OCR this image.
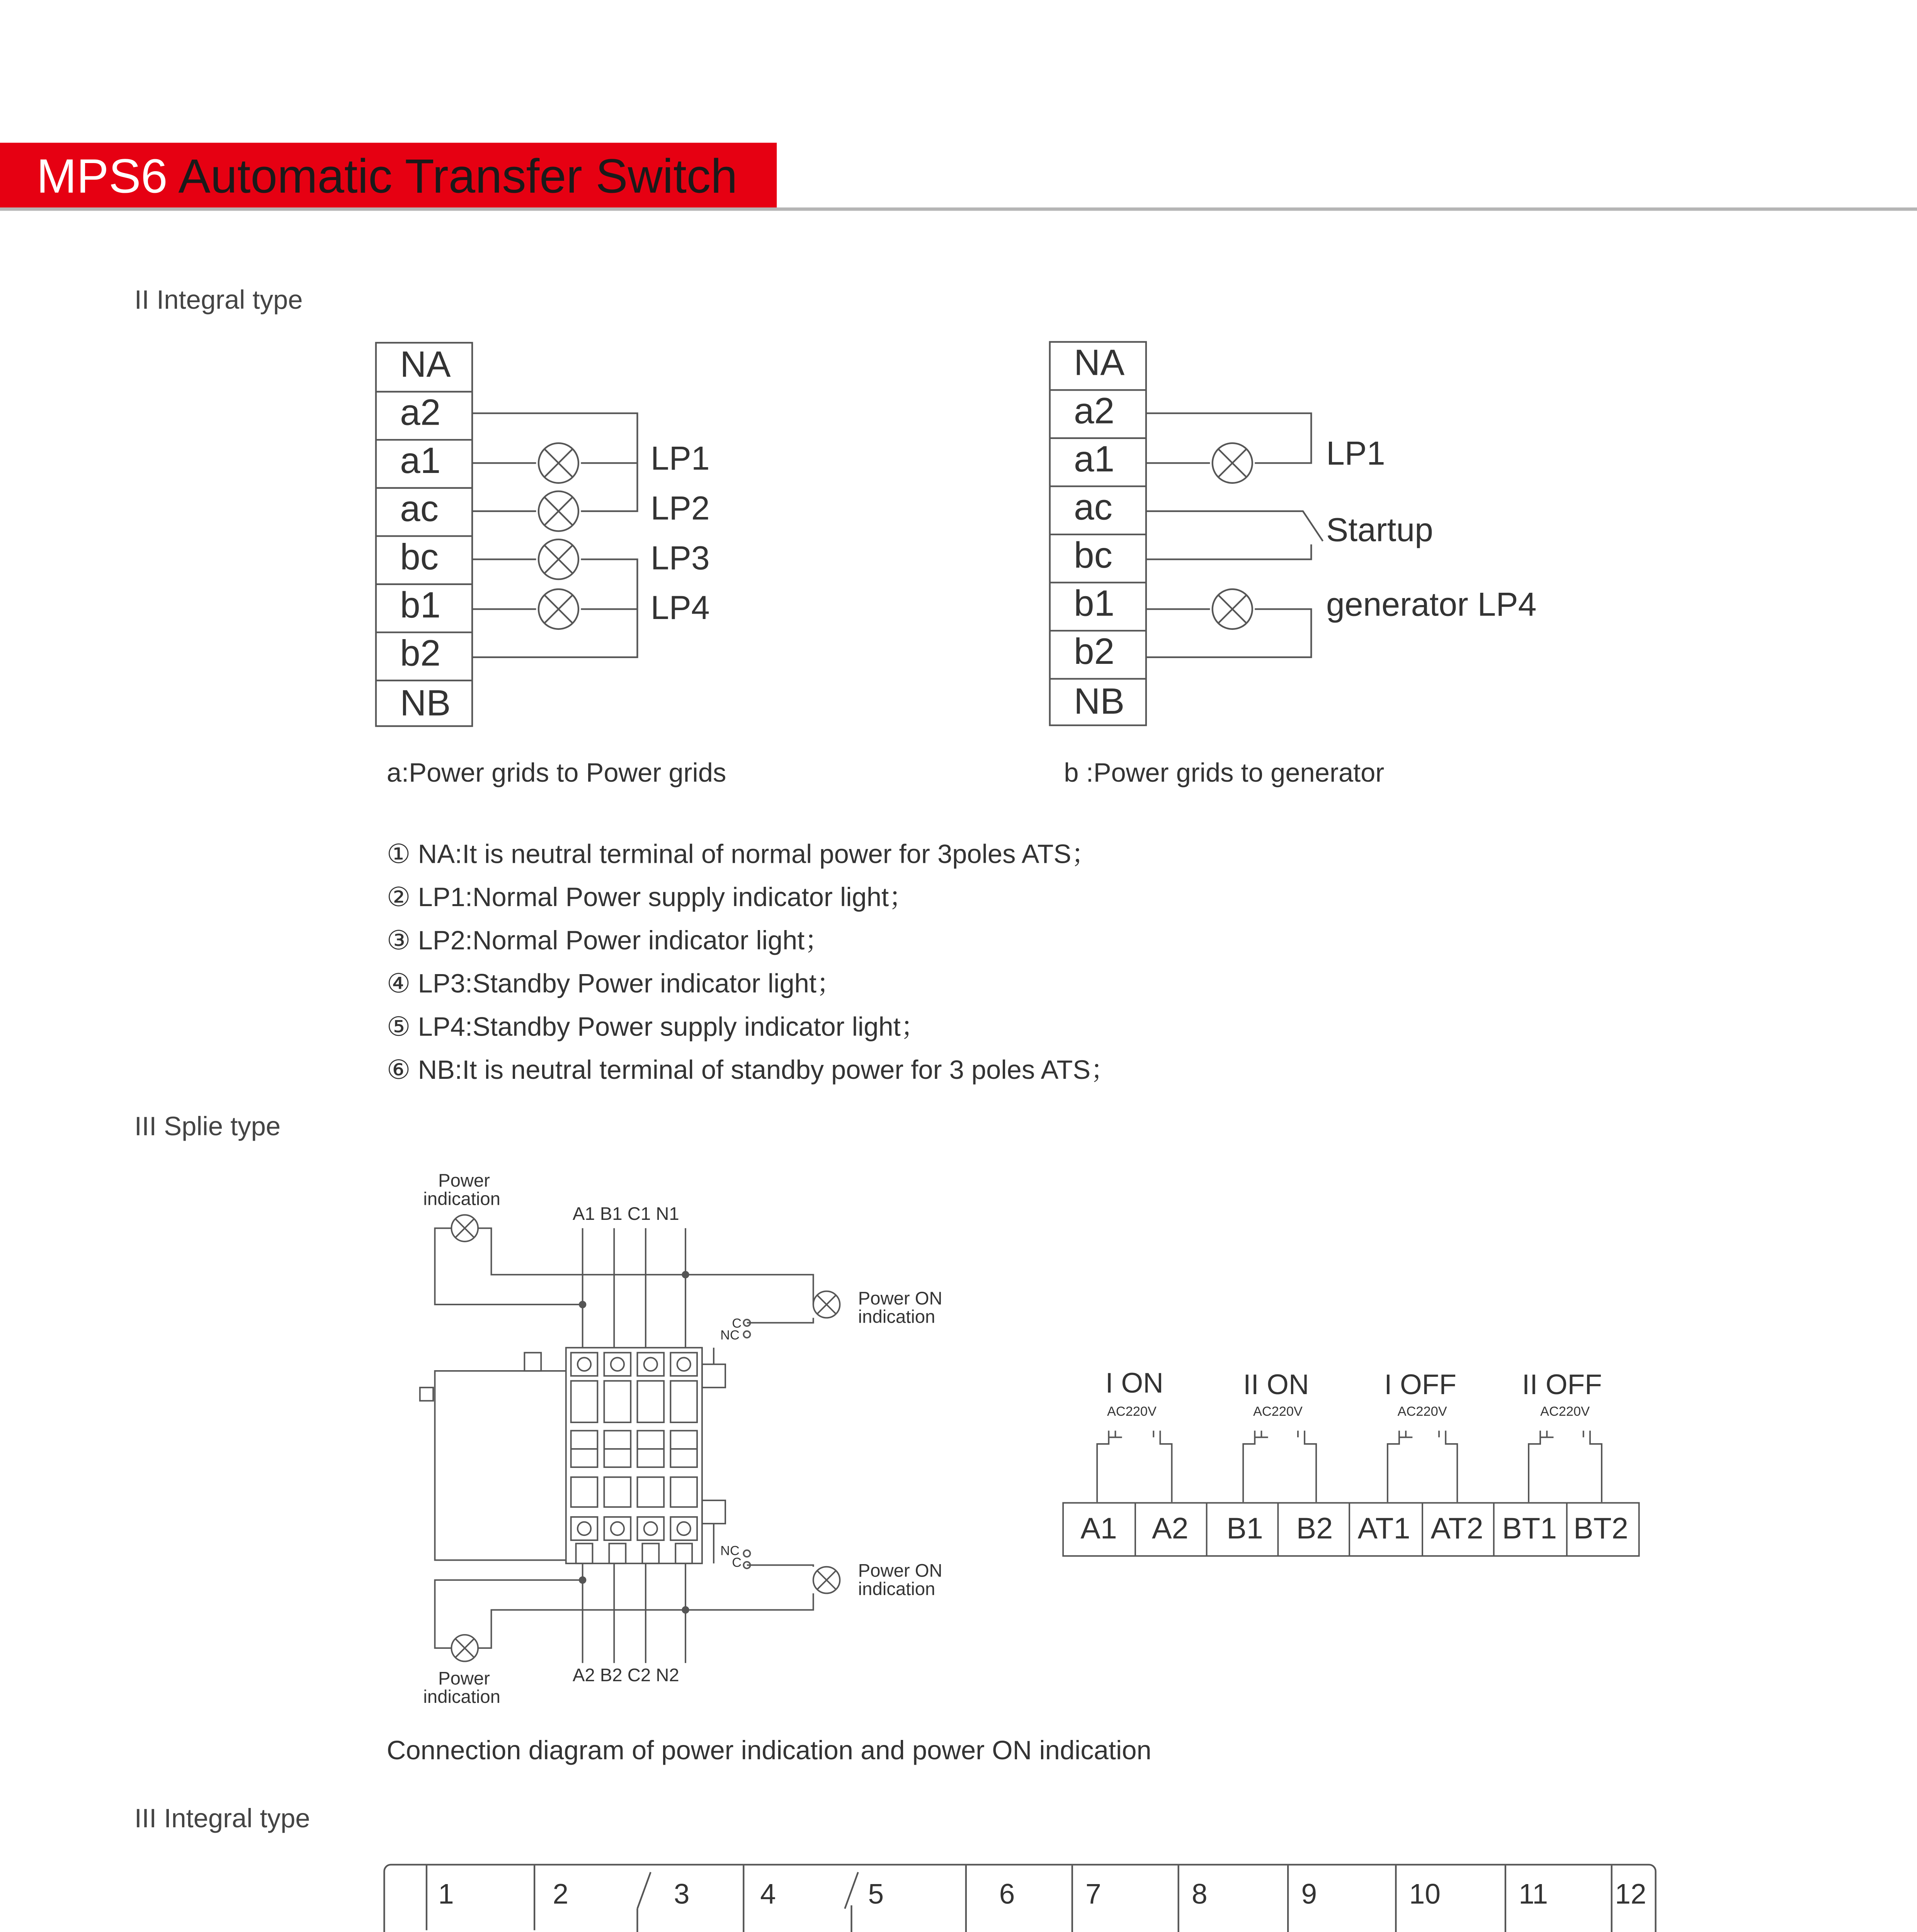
MPS6 Automatic Transfer Switch
II Integral type
NA
a2
a1
ac
bc
b1
b2
NB
LP1
LP2
LP3
LP4
a:Power grids to Power grids
NA
a2
a1
ac
bc
b1
b2
NB
LP1
Startup
generator LP4
b :Power grids to generator
① NA:It is neutral terminal of normal power for 3poles ATS；
② LP1:Normal Power supply indicator light；
③ LP2:Normal Power indicator light；
④ LP3:Standby Power indicator light；
⑤ LP4:Standby Power supply indicator light；
⑥ NB:It is neutral terminal of standby power for 3 poles ATS；
III Splie type
Power
indication
A1 B1 C1 N1
Power ON
indication
C
NC
NC
C	Power ON
indication
A2 B2 C2 N2
Power
indication
I ON
AC220V
II ON
AC220V
I OFF
AC220V
II OFF
AC220V
A1	A2	B1	B2	AT1	AT2	BT1 BT2
Connection diagram of power indication and power ON indication
III Integral type
1	2	3	4	5	6	7	8	9	10	11	12
